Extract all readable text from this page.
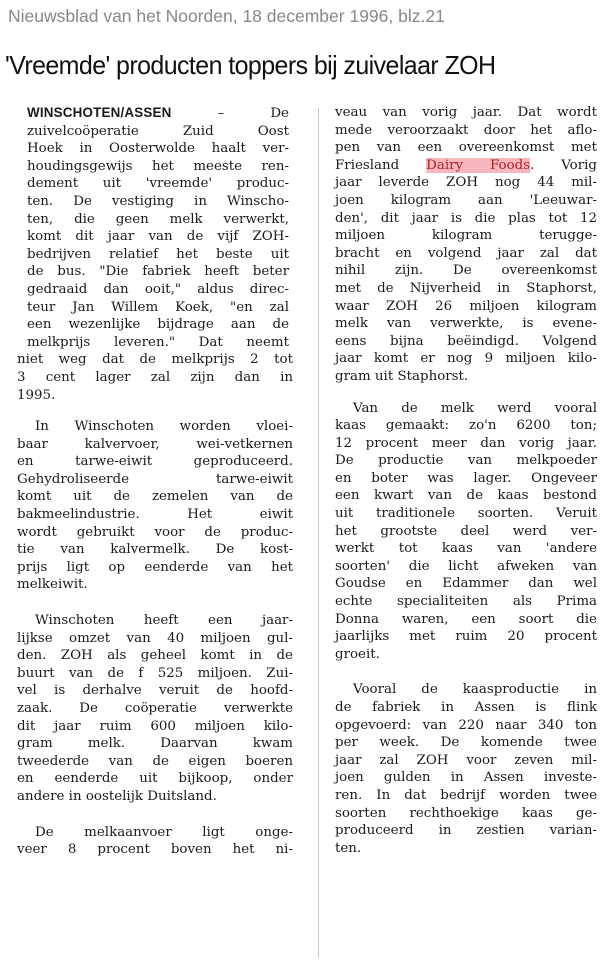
Nieuwsblad van het Noorden, 18 december 1996, blz.21
'Vreemde' producten toppers bij zuivelaar ZOH

WINSCHOTEN/ASSEN	– De
zuivelcoöperatie Zuid Oost
Hoek in Oosterwolde haalt ver-
houdingsgewijs het meeste ren-
dement uit 'vreemde' produc-
ten. De vestiging in Winscho-
ten, die geen melk verwerkt,
komt dit jaar van de vijf ZOH-
bedrijven relatief het beste uit
de bus. "Die fabriek heeft beter
gedraaid dan ooit," aldus direc-
teur Jan Willem Koek, "en zal
een wezenlijke bijdrage aan de
melkprijs leveren." Dat neemt

niet weg dat de melkprijs 2 tot
3 cent lager zal zijn dan in
1995.

In Winschoten worden vloei-
baar kalvervoer, wei-vetkernen
en tarwe-eiwit geproduceerd.
Gehydroliseerde tarwe-eiwit
komt uit de zemelen van de
bakmeelindustrie. Het eiwit
wordt gebruikt voor de produc-
tie van kalvermelk. De kost-
prijs ligt op eenderde van het
melkeiwit.

Winschoten heeft een jaar-
lijkse omzet van 40 miljoen gul-
den. ZOH als geheel komt in de
buurt van de f 525 miljoen. Zui-
vel is derhalve veruit de hoofd-
zaak. De coöperatie verwerkte
dit jaar ruim 600 miljoen kilo-
gram melk. Daarvan kwam
tweederde van de eigen boeren
en eenderde uit bijkoop, onder
andere in oostelijk Duitsland.

De melkaanvoer ligt onge-
veer 8 procent boven het ni-

veau van vorig jaar. Dat wordt
mede veroorzaakt door het aflo-
pen van een overeenkomst met
Friesland Dairy Foods. Vorig
jaar leverde ZOH nog 44 mil-
joen kilogram aan 'Leeuwar-
den', dit jaar is die plas tot 12
miljoen kilogram terugge-
bracht en volgend jaar zal dat
nihil zijn. De overeenkomst
met de Nijverheid in Staphorst,
waar ZOH 26 miljoen kilogram
melk van verwerkte, is evene-
eens bijna beëindigd. Volgend
jaar komt er nog 9 miljoen kilo-
gram uit Staphorst.

Van de melk werd vooral
kaas gemaakt: zo'n 6200 ton;
12 procent meer dan vorig jaar.
De productie van melkpoeder
en boter was lager. Ongeveer
een kwart van de kaas bestond
uit traditionele soorten. Veruit
het grootste deel werd ver-
werkt tot kaas van 'andere
soorten' die licht afweken van
Goudse en Edammer dan wel
echte specialiteiten als Prima
Donna waren, een soort die
jaarlijks met ruim 20 procent
groeit.

Vooral de kaasproductie in
de fabriek in Assen is flink
opgevoerd: van 220 naar 340 ton
per week. De komende twee
jaar zal ZOH voor zeven mil-
joen gulden in Assen investe-
ren. In dat bedrijf worden twee
soorten rechthoekige kaas ge-
produceerd in zestien varian-
ten.
